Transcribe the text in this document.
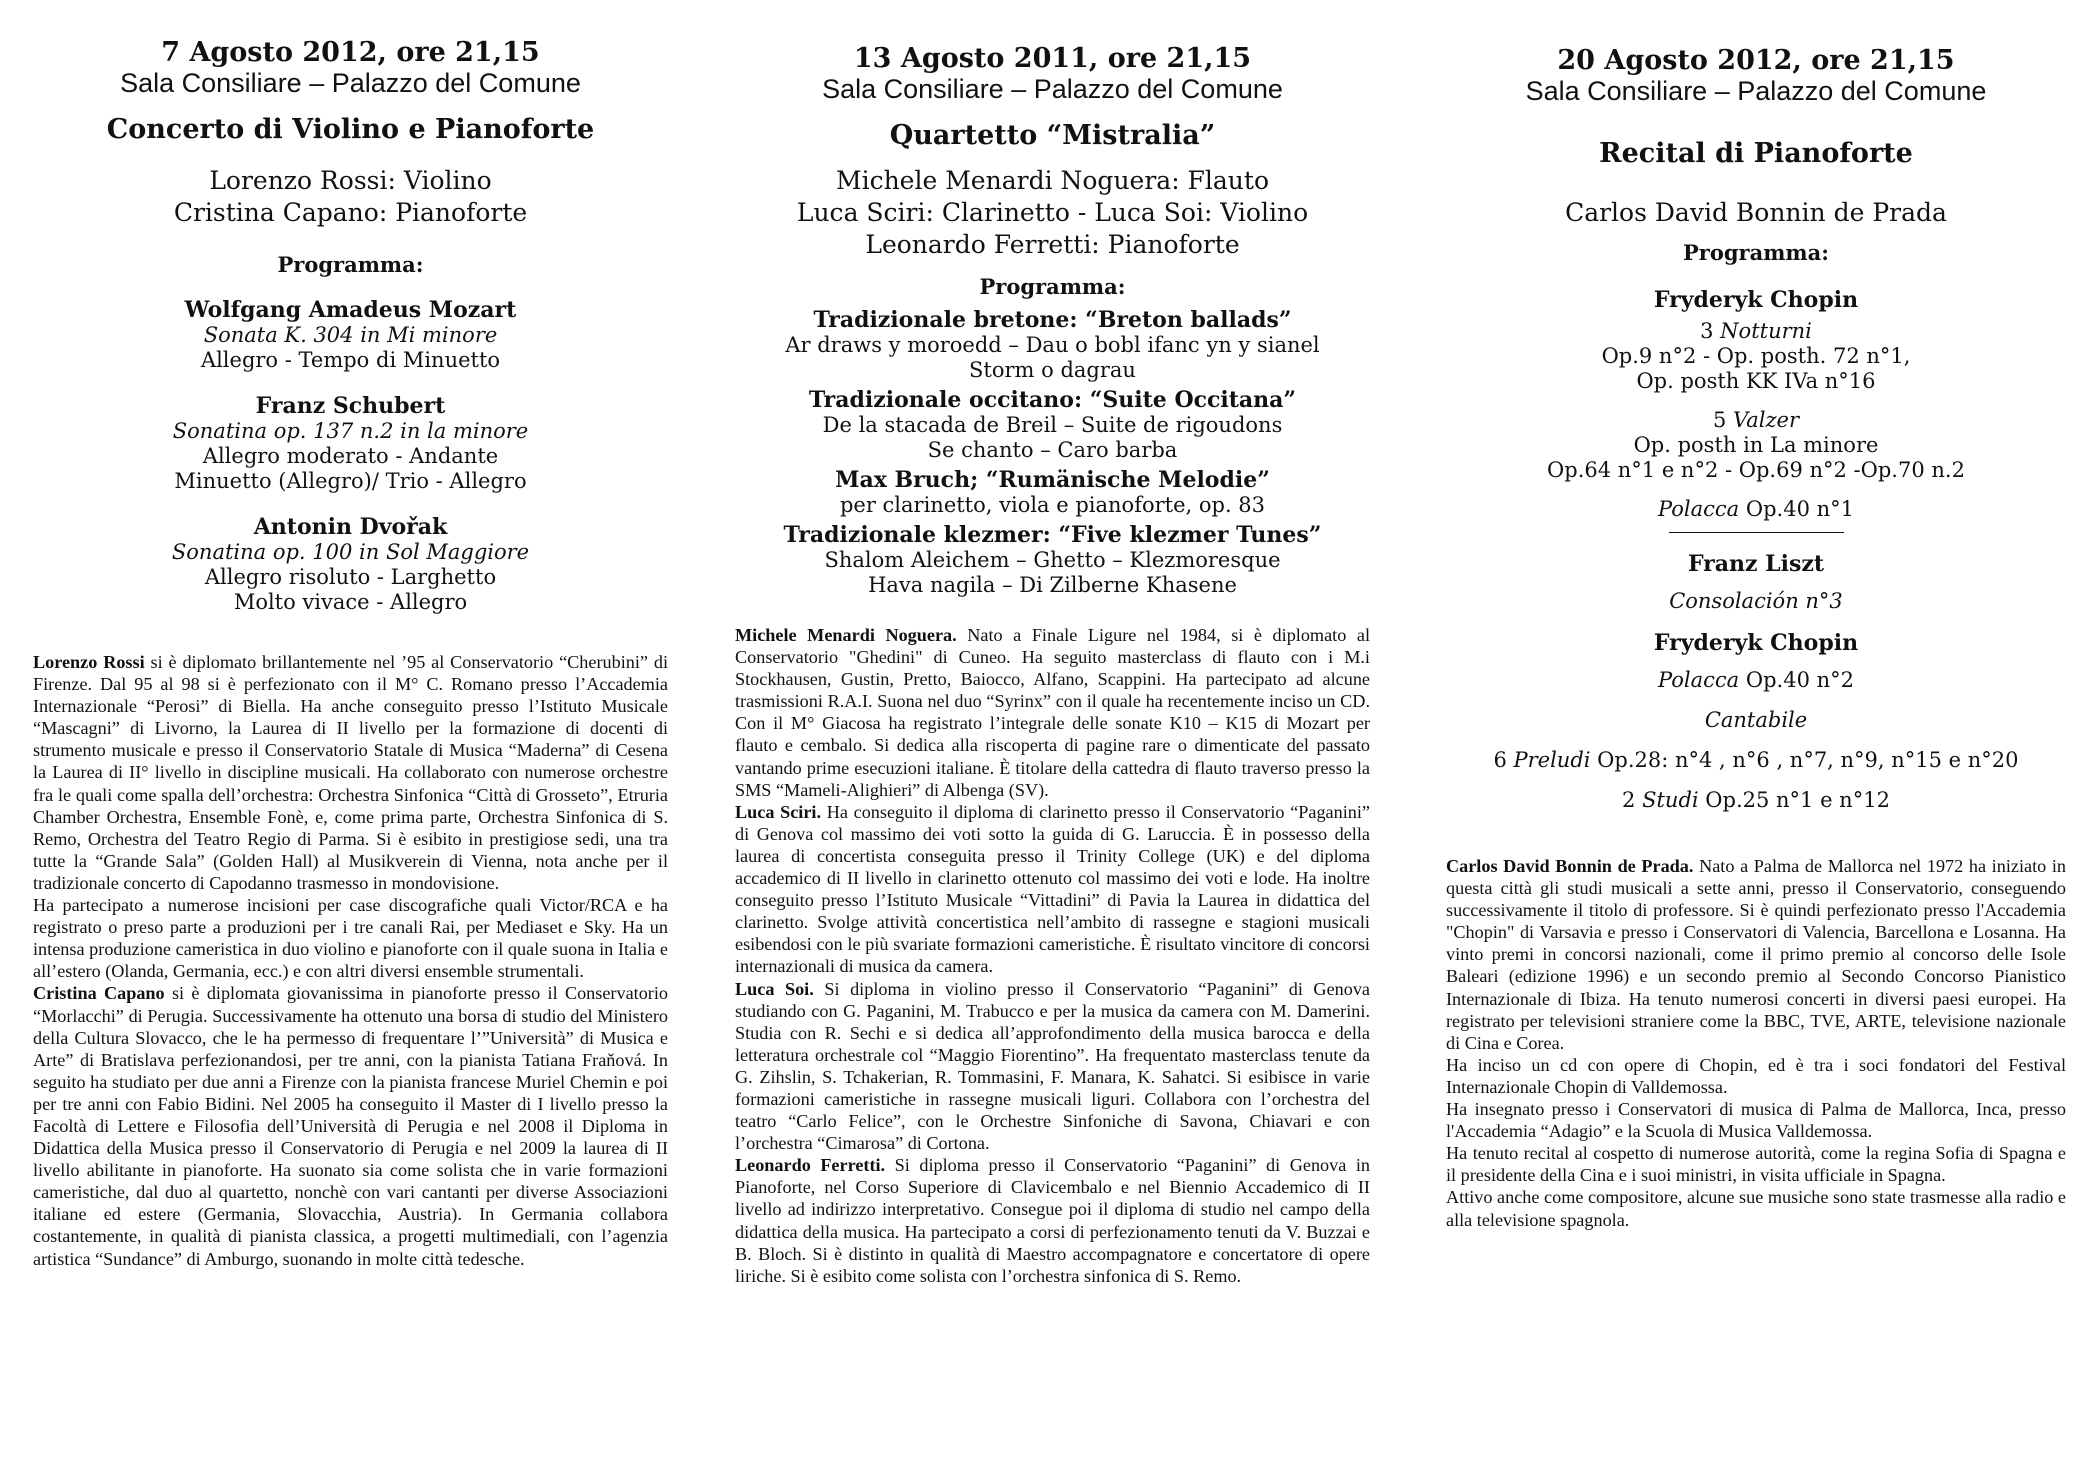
7 Agosto 2012, ore 21,15
Sala Consiliare – Palazzo del Comune
Concerto di Violino e Pianoforte
Lorenzo Rossi: Violino
Cristina Capano: Pianoforte
Programma:
Wolfgang Amadeus Mozart
Sonata K. 304 in Mi minore
Allegro - Tempo di Minuetto
Franz Schubert
Sonatina op. 137 n.2 in la minore
Allegro moderato - Andante
Minuetto (Allegro)/ Trio - Allegro
Antonin Dvořak
Sonatina op. 100 in Sol Maggiore
Allegro risoluto - Larghetto
Molto vivace - Allegro

Lorenzo Rossi si è diplomato brillantemente nel ’95 al Conservatorio “Cherubini” di Firenze. Dal 95 al 98 si è perfezionato con il M° C. Romano presso l’Accademia Internazionale “Perosi” di Biella. Ha anche conseguito presso l’Istituto Musicale “Mascagni” di Livorno, la Laurea di II livello per la formazione di docenti di strumento musicale e presso il Conservatorio Statale di Musica “Maderna” di Cesena la Laurea di II° livello in discipline musicali. Ha collaborato con numerose orchestre fra le quali come spalla dell’orchestra: Orchestra Sinfonica “Città di Grosseto”, Etruria Chamber Orchestra, Ensemble Fonè, e, come prima parte, Orchestra Sinfonica di S. Remo, Orchestra del Teatro Regio di Parma. Si è esibito in prestigiose sedi, una tra tutte la “Grande Sala” (Golden Hall) al Musikverein di Vienna, nota anche per il tradizionale concerto di Capodanno trasmesso in mondovisione.

Ha partecipato a numerose incisioni per case discografiche quali Victor/RCA e ha registrato o preso parte a produzioni per i tre canali Rai, per Mediaset e Sky. Ha un intensa produzione cameristica in duo violino e pianoforte con il quale suona in Italia e all’estero (Olanda, Germania, ecc.) e con altri diversi ensemble strumentali.

Cristina Capano si è diplomata giovanissima in pianoforte presso il Conservatorio “Morlacchi” di Perugia. Successivamente ha ottenuto una borsa di studio del Ministero della Cultura Slovacco, che le ha permesso di frequentare l’”Università” di Musica e Arte” di Bratislava perfezionandosi, per tre anni, con la pianista Tatiana Fraňová. In seguito ha studiato per due anni a Firenze con la pianista francese Muriel Chemin e poi per tre anni con Fabio Bidini. Nel 2005 ha conseguito il Master di I livello presso la Facoltà di Lettere e Filosofia dell’Università di Perugia e nel 2008 il Diploma in Didattica della Musica presso il Conservatorio di Perugia e nel 2009 la laurea di II livello abilitante in pianoforte. Ha suonato sia come solista che in varie formazioni cameristiche, dal duo al quartetto, nonchè con vari cantanti per diverse Associazioni italiane ed estere (Germania, Slovacchia, Austria). In Germania collabora costantemente, in qualità di pianista classica, a progetti multimediali, con l’agenzia artistica “Sundance” di Amburgo, suonando in molte città tedesche.

13 Agosto 2011, ore 21,15
Sala Consiliare – Palazzo del Comune
Quartetto “Mistralia”
Michele Menardi Noguera: Flauto
Luca Sciri: Clarinetto - Luca Soi: Violino
Leonardo Ferretti: Pianoforte
Programma:
Tradizionale bretone: “Breton ballads”
Ar draws y moroedd – Dau o bobl ifanc yn y sianel
Storm o dagrau
Tradizionale occitano: “Suite Occitana”
De la stacada de Breil – Suite de rigoudons
Se chanto – Caro barba
Max Bruch; “Rumänische Melodie”
per clarinetto, viola e pianoforte, op. 83
Tradizionale klezmer: “Five klezmer Tunes”
Shalom Aleichem – Ghetto – Klezmoresque
Hava nagila – Di Zilberne Khasene

Michele Menardi Noguera. Nato a Finale Ligure nel 1984, si è diplomato al Conservatorio "Ghedini" di Cuneo. Ha seguito masterclass di flauto con i M.i Stockhausen, Gustin, Pretto, Baiocco, Alfano, Scappini. Ha partecipato ad alcune trasmissioni R.A.I. Suona nel duo “Syrinx” con il quale ha recentemente inciso un CD. Con il M° Giacosa ha registrato l’integrale delle sonate K10 – K15 di Mozart per flauto e cembalo. Si dedica alla riscoperta di pagine rare o dimenticate del passato vantando prime esecuzioni italiane. È titolare della cattedra di flauto traverso presso la SMS “Mameli-Alighieri” di Albenga (SV).

Luca Sciri. Ha conseguito il diploma di clarinetto presso il Conservatorio “Paganini” di Genova col massimo dei voti sotto la guida di G. Laruccia. È in possesso della laurea di concertista conseguita presso il Trinity College (UK) e del diploma accademico di II livello in clarinetto ottenuto col massimo dei voti e lode. Ha inoltre conseguito presso l’Istituto Musicale “Vittadini” di Pavia la Laurea in didattica del clarinetto. Svolge attività concertistica nell’ambito di rassegne e stagioni musicali esibendosi con le più svariate formazioni cameristiche. È risultato vincitore di concorsi internazionali di musica da camera.

Luca Soi. Si diploma in violino presso il Conservatorio “Paganini” di Genova studiando con G. Paganini, M. Trabucco e per la musica da camera con M. Damerini. Studia con R. Sechi e si dedica all’approfondimento della musica barocca e della letteratura orchestrale col “Maggio Fiorentino”. Ha frequentato masterclass tenute da G. Zihslin, S. Tchakerian, R. Tommasini, F. Manara, K. Sahatci. Si esibisce in varie formazioni cameristiche in rassegne musicali liguri. Collabora con l’orchestra del teatro “Carlo Felice”, con le Orchestre Sinfoniche di Savona, Chiavari e con l’orchestra “Cimarosa” di Cortona.

Leonardo Ferretti. Si diploma presso il Conservatorio “Paganini” di Genova in Pianoforte, nel Corso Superiore di Clavicembalo e nel Biennio Accademico di II livello ad indirizzo interpretativo. Consegue poi il diploma di studio nel campo della didattica della musica. Ha partecipato a corsi di perfezionamento tenuti da V. Buzzai e B. Bloch. Si è distinto in qualità di Maestro accompagnatore e concertatore di opere liriche. Si è esibito come solista con l’orchestra sinfonica di S. Remo.

20 Agosto 2012, ore 21,15
Sala Consiliare – Palazzo del Comune
Recital di Pianoforte
Carlos David Bonnin de Prada
Programma:
Fryderyk Chopin
3 Notturni
Op.9 n°2 - Op. posth. 72 n°1,
Op. posth KK IVa n°16
5 Valzer
Op. posth in La minore
Op.64 n°1 e n°2 - Op.69 n°2 -Op.70 n.2
Polacca Op.40 n°1
Franz Liszt
Consolación n°3
Fryderyk Chopin
Polacca Op.40 n°2
Cantabile
6 Preludi Op.28: n°4 , n°6 , n°7, n°9, n°15 e n°20
2 Studi Op.25 n°1 e n°12

Carlos David Bonnin de Prada. Nato a Palma de Mallorca nel 1972 ha iniziato in questa città gli studi musicali a sette anni, presso il Conservatorio, conseguendo successivamente il titolo di professore. Si è quindi perfezionato presso l'Accademia "Chopin" di Varsavia e presso i Conservatori di Valencia, Barcellona e Losanna. Ha vinto premi in concorsi nazionali, come il primo premio al concorso delle Isole Baleari (edizione 1996) e un secondo premio al Secondo Concorso Pianistico Internazionale di Ibiza. Ha tenuto numerosi concerti in diversi paesi europei. Ha registrato per televisioni straniere come la BBC, TVE, ARTE, televisione nazionale di Cina e Corea.

Ha inciso un cd con opere di Chopin, ed è tra i soci fondatori del Festival Internazionale Chopin di Valldemossa.

Ha insegnato presso i Conservatori di musica di Palma de Mallorca, Inca, presso l'Accademia “Adagio” e la Scuola di Musica Valldemossa.

Ha tenuto recital al cospetto di numerose autorità, come la regina Sofia di Spagna e il presidente della Cina e i suoi ministri, in visita ufficiale in Spagna.

Attivo anche come compositore, alcune sue musiche sono state trasmesse alla radio e alla televisione spagnola.
